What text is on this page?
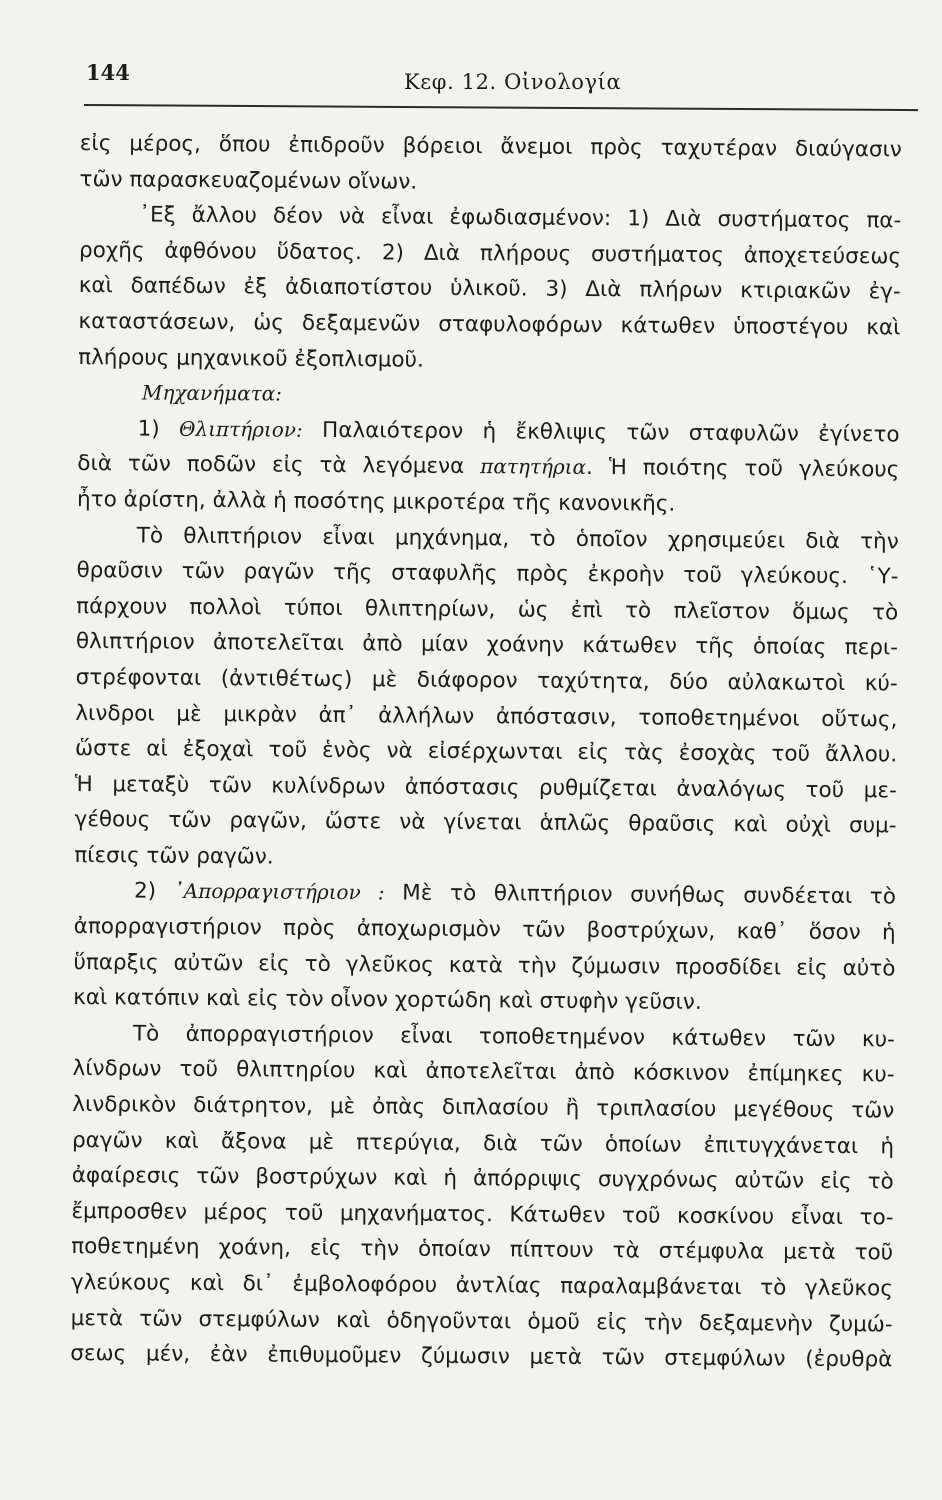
144	Κεφ. 12. Οἰνολογία
εἰς μέρος, ὅπου ἐπιδροῦν βόρειοι ἄνεμοι πρὸς ταχυτέραν διαύγασιν
τῶν παρασκευαζομένων οἴνων.
᾿Εξ ἄλλου δέον νὰ εἶναι ἐφωδιασμένον: 1) Διὰ συστήματος πα-
ροχῆς ἀφθόνου ὕδατος. 2) Διὰ πλήρους συστήματος ἀποχετεύσεως
καὶ δαπέδων ἐξ ἀδιαποτίστου ὑλικοῦ. 3) Διὰ πλήρων κτιριακῶν ἐγ-
καταστάσεων, ὡς δεξαμενῶν σταφυλοφόρων κάτωθεν ὑποστέγου καὶ
πλήρους μηχανικοῦ ἐξοπλισμοῦ.
Μηχανήματα:
1) Θλιπτήριον: Παλαιότερον ἡ ἔκθλιψις τῶν σταφυλῶν ἐγίνετο
διὰ τῶν ποδῶν εἰς τὰ λεγόμενα πατητήρια. Ἡ ποιότης τοῦ γλεύκους
ἦτο ἀρίστη, ἀλλὰ ἡ ποσότης μικροτέρα τῆς κανονικῆς.
Τὸ θλιπτήριον εἶναι μηχάνημα, τὸ ὁποῖον χρησιμεύει διὰ τὴν
θραῦσιν τῶν ραγῶν τῆς σταφυλῆς πρὸς ἐκροὴν τοῦ γλεύκους. ῾Υ-
πάρχουν πολλοὶ τύποι θλιπτηρίων, ὡς ἐπὶ τὸ πλεῖστον ὅμως τὸ
θλιπτήριον ἀποτελεῖται ἀπὸ μίαν χοάνην κάτωθεν τῆς ὁποίας περι-
στρέφονται (ἀντιθέτως) μὲ διάφορον ταχύτητα, δύο αὐλακωτοὶ κύ-
λινδροι μὲ μικρὰν ἀπ᾿ ἀλλήλων ἀπόστασιν, τοποθετημένοι οὕτως,
ὥστε αἱ ἐξοχαὶ τοῦ ἑνὸς νὰ εἰσέρχωνται εἰς τὰς ἐσοχὰς τοῦ ἄλλου.
Ἡ μεταξὺ τῶν κυλίνδρων ἀπόστασις ρυθμίζεται ἀναλόγως τοῦ με-
γέθους τῶν ραγῶν, ὥστε νὰ γίνεται ἁπλῶς θραῦσις καὶ οὐχὶ συμ-
πίεσις τῶν ραγῶν.
2) ᾿Απορραγιστήριον : Μὲ τὸ θλιπτήριον συνήθως συνδέεται τὸ
ἀπορραγιστήριον πρὸς ἀποχωρισμὸν τῶν βοστρύχων, καθ᾿ ὅσον ἡ
ὕπαρξις αὐτῶν εἰς τὸ γλεῦκος κατὰ τὴν ζύμωσιν προσδίδει εἰς αὐτὸ
καὶ κατόπιν καὶ εἰς τὸν οἶνον χορτώδη καὶ στυφὴν γεῦσιν.
Τὸ ἀπορραγιστήριον εἶναι τοποθετημένον κάτωθεν τῶν κυ-
λίνδρων τοῦ θλιπτηρίου καὶ ἀποτελεῖται ἀπὸ κόσκινον ἐπίμηκες κυ-
λινδρικὸν διάτρητον, μὲ ὀπὰς διπλασίου ἢ τριπλασίου μεγέθους τῶν
ραγῶν καὶ ἄξονα μὲ πτερύγια, διὰ τῶν ὁποίων ἐπιτυγχάνεται ἡ
ἀφαίρεσις τῶν βοστρύχων καὶ ἡ ἀπόρριψις συγχρόνως αὐτῶν εἰς τὸ
ἔμπροσθεν μέρος τοῦ μηχανήματος. Κάτωθεν τοῦ κοσκίνου εἶναι το-
ποθετημένη χοάνη, εἰς τὴν ὁποίαν πίπτουν τὰ στέμφυλα μετὰ τοῦ
γλεύκους καὶ δι᾿ ἐμβολοφόρου ἀντλίας παραλαμβάνεται τὸ γλεῦκος
μετὰ τῶν στεμφύλων καὶ ὁδηγοῦνται ὁμοῦ εἰς τὴν δεξαμενὴν ζυμώ-
σεως μέν, ἐὰν ἐπιθυμοῦμεν ζύμωσιν μετὰ τῶν στεμφύλων (ἐρυθρὰ
